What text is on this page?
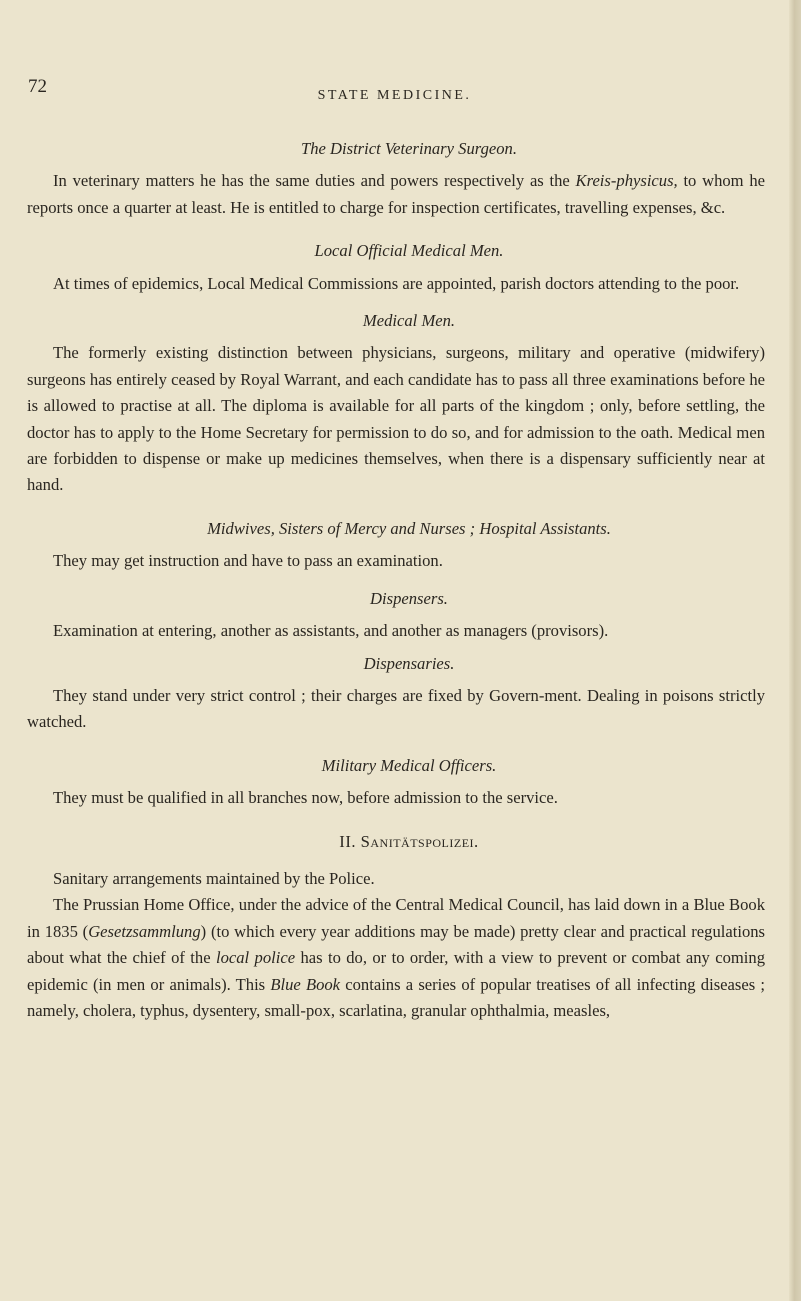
72	STATE MEDICINE.

The District Veterinary Surgeon.

In veterinary matters he has the same duties and powers respectively as the Kreis-physicus, to whom he reports once a quarter at least. He is entitled to charge for inspection certificates, travelling expenses, &c.

Local Official Medical Men.

At times of epidemics, Local Medical Commissions are appointed, parish doctors attending to the poor.

Medical Men.

The formerly existing distinction between physicians, surgeons, military and operative (midwifery) surgeons has entirely ceased by Royal Warrant, and each candidate has to pass all three examinations before he is allowed to practise at all. The diploma is available for all parts of the kingdom ; only, before settling, the doctor has to apply to the Home Secretary for permission to do so, and for admission to the oath. Medical men are forbidden to dispense or make up medicines themselves, when there is a dispensary sufficiently near at hand.

Midwives, Sisters of Mercy and Nurses ; Hospital Assistants.

They may get instruction and have to pass an examination.

Dispensers.

Examination at entering, another as assistants, and another as managers (provisors).

Dispensaries.

They stand under very strict control ; their charges are fixed by Govern-ment. Dealing in poisons strictly watched.

Military Medical Officers.

They must be qualified in all branches now, before admission to the service.

II. Sanitätspolizei.

Sanitary arrangements maintained by the Police.

The Prussian Home Office, under the advice of the Central Medical Council, has laid down in a Blue Book in 1835 (Gesetzsammlung) (to which every year additions may be made) pretty clear and practical regulations about what the chief of the local police has to do, or to order, with a view to prevent or combat any coming epidemic (in men or animals). This Blue Book contains a series of popular treatises of all infecting diseases ; namely, cholera, typhus, dysentery, small-pox, scarlatina, granular ophthalmia, measles,
